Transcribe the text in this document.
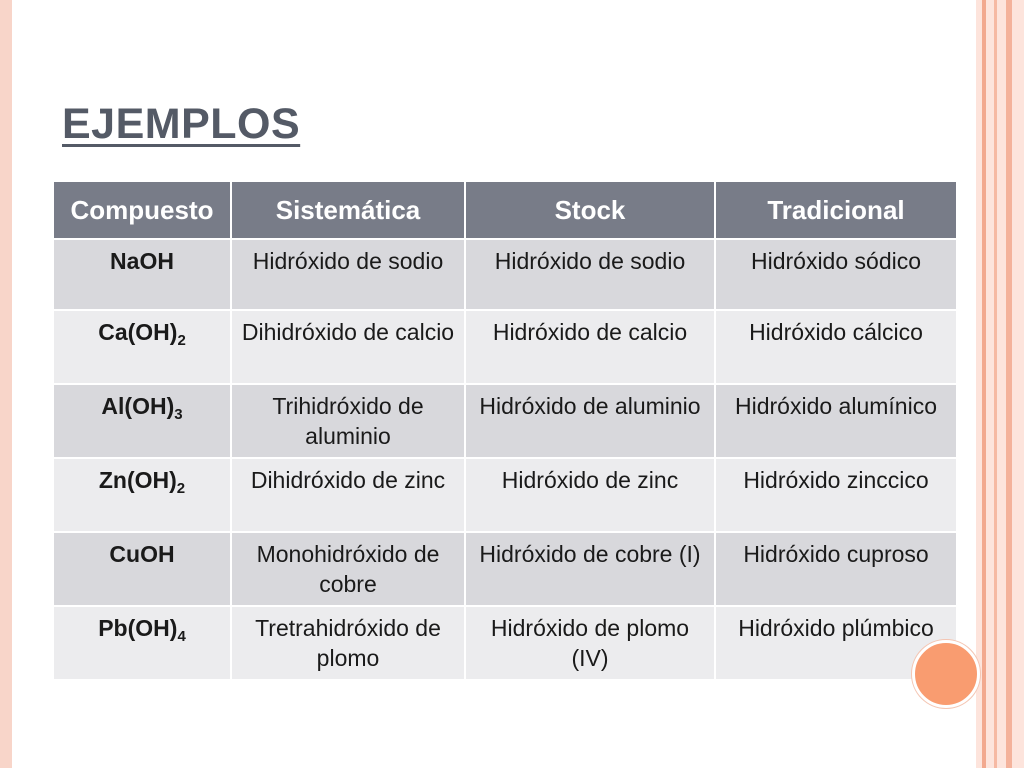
EJEMPLOS
Compuesto	Sistemática	Stock	Tradicional
NaOH	Hidróxido de sodio	Hidróxido de sodio	Hidróxido sódico
$Ca(OH)_2$	Dihidróxido de calcio	Hidróxido de calcio	Hidróxido cálcico
$Al(OH)_3$	Trihidróxido de aluminio	Hidróxido de aluminio	Hidróxido alumínico
$Zn(OH)_2$	Dihidróxido de zinc	Hidróxido de zinc	Hidróxido zinccico
CuOH	Monohidróxido de cobre	Hidróxido de cobre (I)	Hidróxido cuproso
$Pb(OH)_4$	Tretrahidróxido de plomo	Hidróxido de plomo (IV)	Hidróxido plúmbico
